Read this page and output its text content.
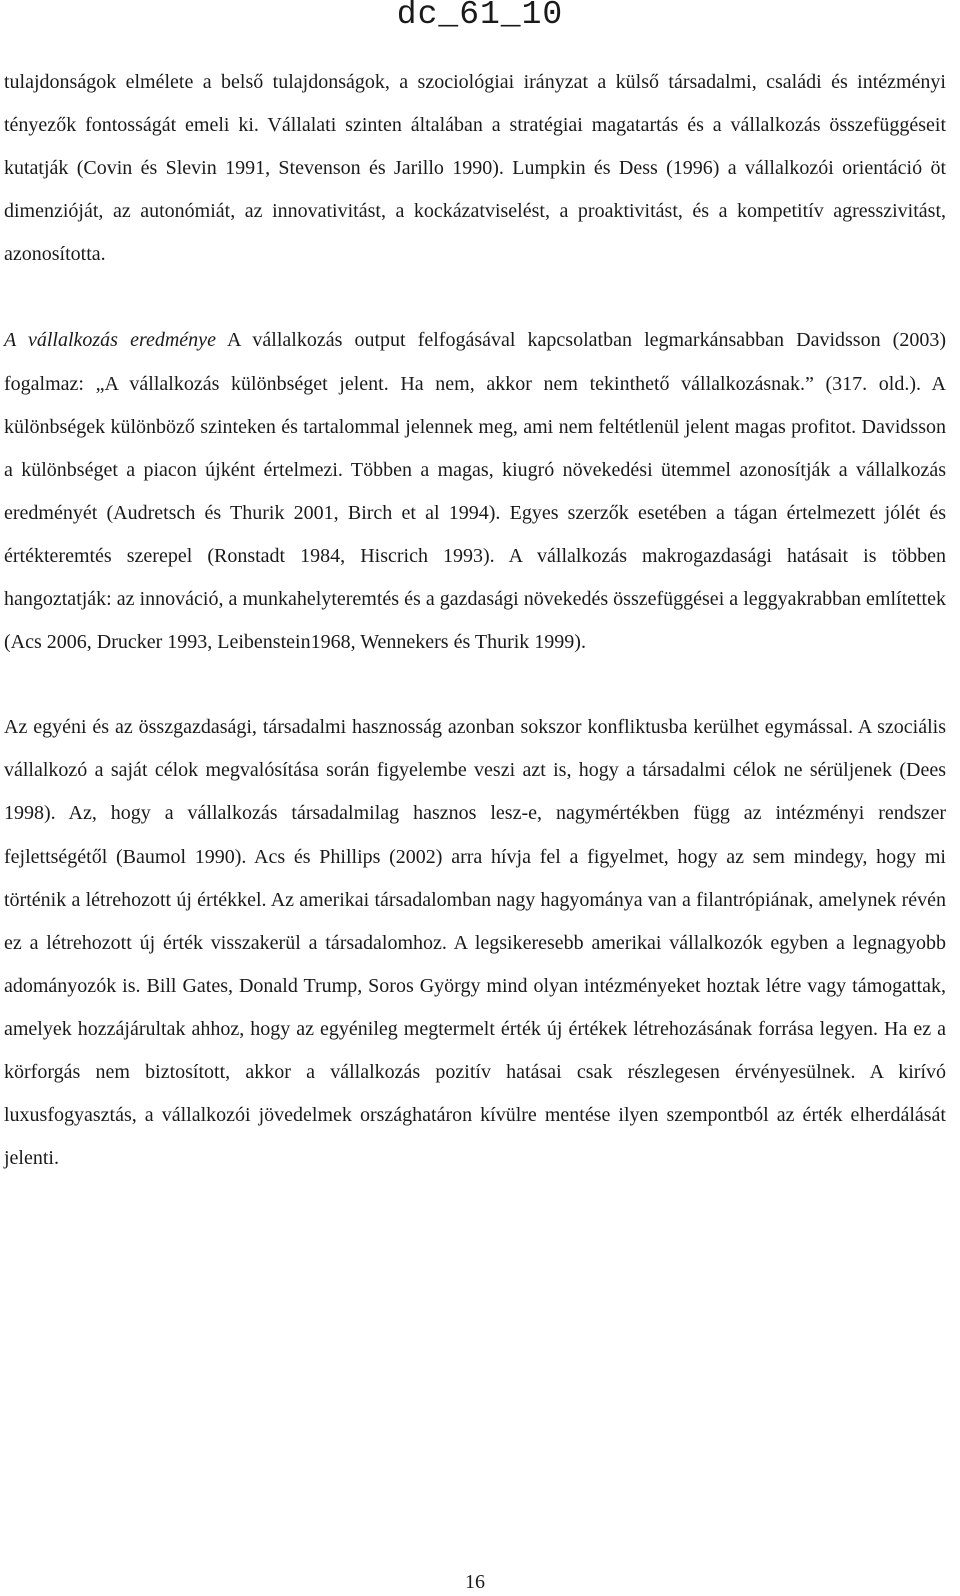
dc_61_10

tulajdonságok elmélete a belső tulajdonságok, a szociológiai irányzat a külső társadalmi, családi és intézményi tényezők fontosságát emeli ki. Vállalati szinten általában a stratégiai magatartás és a vállalkozás összefüggéseit kutatják (Covin és Slevin 1991, Stevenson és Jarillo 1990). Lumpkin és Dess (1996) a vállalkozói orientáció öt dimenzióját, az autonómiát, az innovativitást, a kockázatviselést, a proaktivitást, és a kompetitív agresszivitást, azonosította.

A vállalkozás eredménye A vállalkozás output felfogásával kapcsolatban legmarkánsabban Davidsson (2003) fogalmaz: „A vállalkozás különbséget jelent. Ha nem, akkor nem tekinthető vállalkozásnak.” (317. old.). A különbségek különböző szinteken és tartalommal jelennek meg, ami nem feltétlenül jelent magas profitot. Davidsson a különbséget a piacon újként értelmezi. Többen a magas, kiugró növekedési ütemmel azonosítják a vállalkozás eredményét (Audretsch és Thurik 2001, Birch et al 1994). Egyes szerzők esetében a tágan értelmezett jólét és értékteremtés szerepel (Ronstadt 1984, Hiscrich 1993). A vállalkozás makrogazdasági hatásait is többen hangoztatják: az innováció, a munkahelyteremtés és a gazdasági növekedés összefüggései a leggyakrabban említettek (Acs 2006, Drucker 1993, Leibenstein1968, Wennekers és Thurik 1999).

Az egyéni és az összgazdasági, társadalmi hasznosság azonban sokszor konfliktusba kerülhet egymással. A szociális vállalkozó a saját célok megvalósítása során figyelembe veszi azt is, hogy a társadalmi célok ne sérüljenek (Dees 1998). Az, hogy a vállalkozás társadalmilag hasznos lesz-e, nagymértékben függ az intézményi rendszer fejlettségétől (Baumol 1990). Acs és Phillips (2002) arra hívja fel a figyelmet, hogy az sem mindegy, hogy mi történik a létrehozott új értékkel. Az amerikai társadalomban nagy hagyománya van a filantrópiának, amelynek révén ez a létrehozott új érték visszakerül a társadalomhoz. A legsikeresebb amerikai vállalkozók egyben a legnagyobb adományozók is. Bill Gates, Donald Trump, Soros György mind olyan intézményeket hoztak létre vagy támogattak, amelyek hozzájárultak ahhoz, hogy az egyénileg megtermelt érték új értékek létrehozásának forrása legyen. Ha ez a körforgás nem biztosított, akkor a vállalkozás pozitív hatásai csak részlegesen érvényesülnek. A kirívó luxusfogyasztás, a vállalkozói jövedelmek országhatáron kívülre mentése ilyen szempontból az érték elherdálását jelenti.

16
